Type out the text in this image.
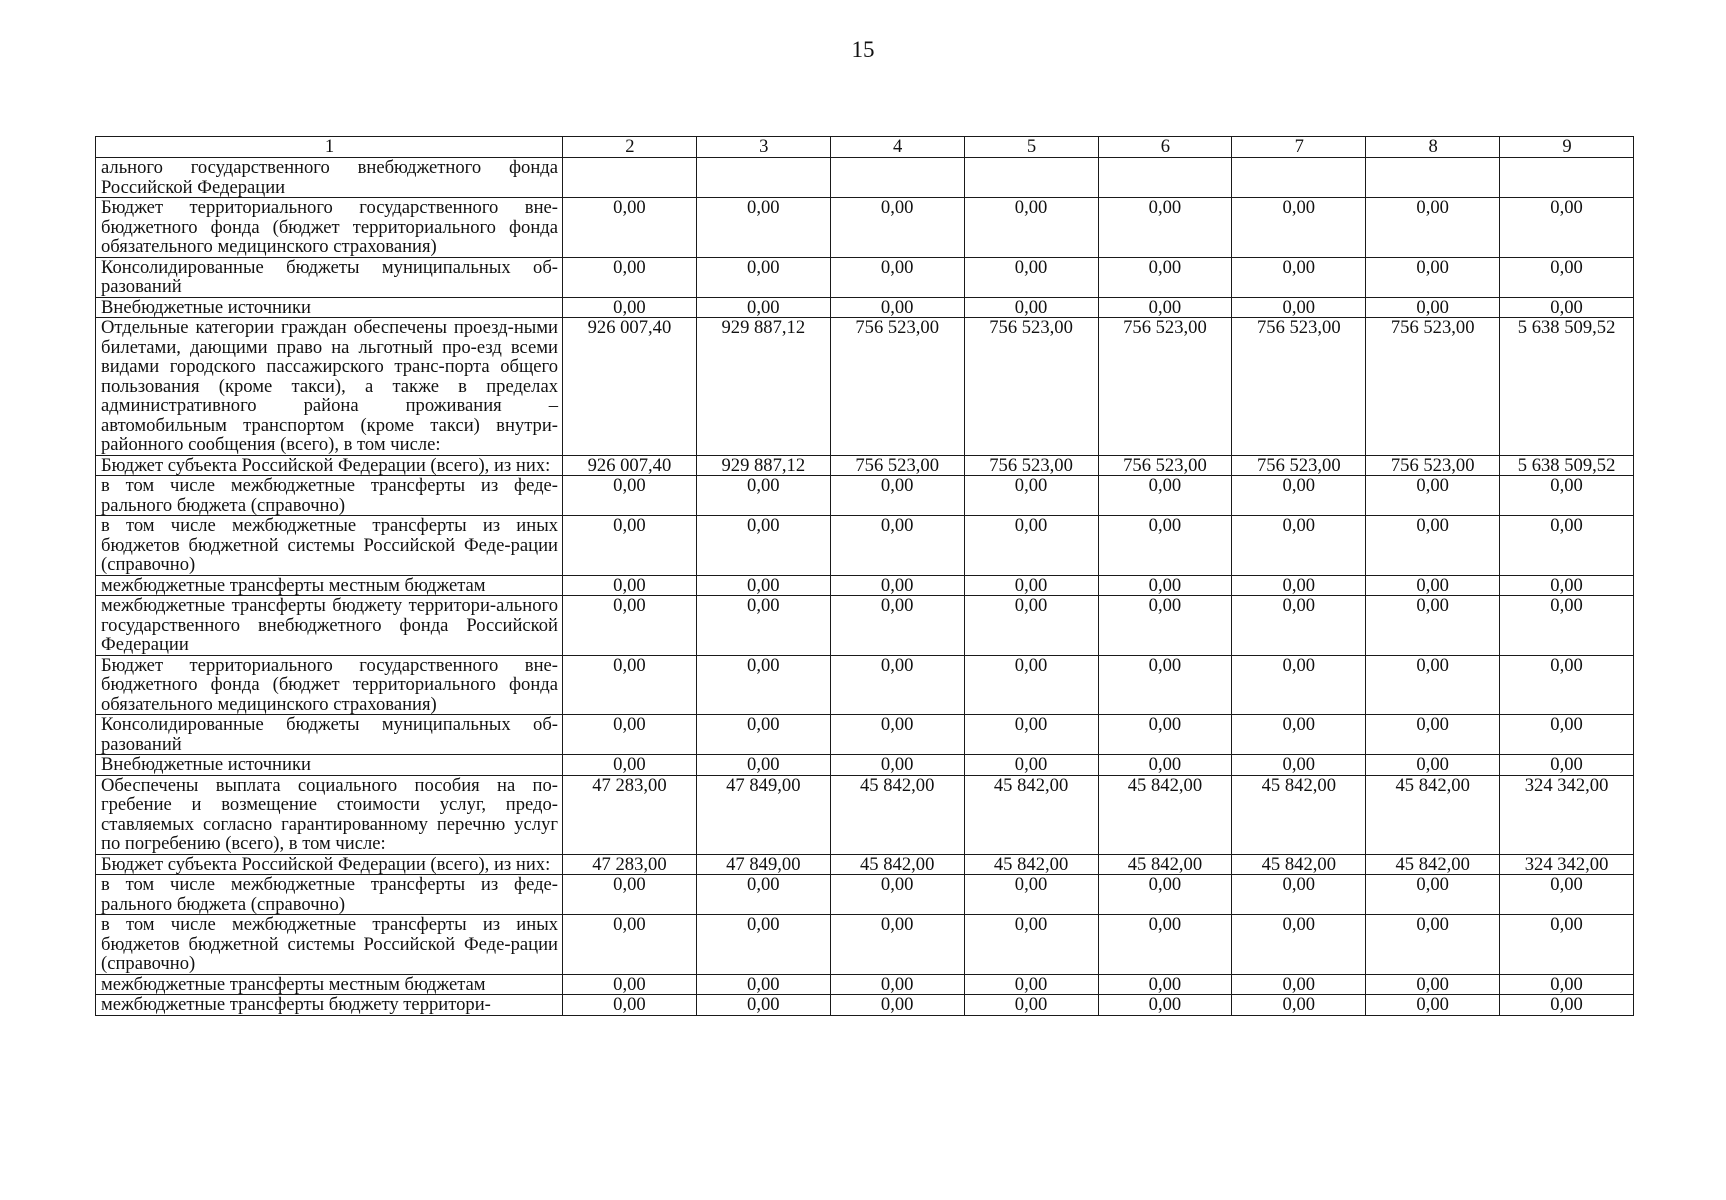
15
1	2	3	4	5	6	7	8	9
ального государственного внебюджетного фонда Российской Федерации								
Бюджет территориального государственного вне-бюджетного фонда (бюджет территориального фонда обязательного медицинского страхования)	0,00	0,00	0,00	0,00	0,00	0,00	0,00	0,00
Консолидированные бюджеты муниципальных об-разований	0,00	0,00	0,00	0,00	0,00	0,00	0,00	0,00
Внебюджетные источники	0,00	0,00	0,00	0,00	0,00	0,00	0,00	0,00
Отдельные категории граждан обеспечены проезд-ными билетами, дающими право на льготный про-езд всеми видами городского пассажирского транс-порта общего пользования (кроме такси), а также в пределах административного района проживания – автомобильным транспортом (кроме такси) внутри-районного сообщения (всего), в том числе:	926 007,40	929 887,12	756 523,00	756 523,00	756 523,00	756 523,00	756 523,00	5 638 509,52
Бюджет субъекта Российской Федерации (всего), из них:	926 007,40	929 887,12	756 523,00	756 523,00	756 523,00	756 523,00	756 523,00	5 638 509,52
в том числе межбюджетные трансферты из феде-рального бюджета (справочно)	0,00	0,00	0,00	0,00	0,00	0,00	0,00	0,00
в том числе межбюджетные трансферты из иных бюджетов бюджетной системы Российской Феде-рации (справочно)	0,00	0,00	0,00	0,00	0,00	0,00	0,00	0,00
межбюджетные трансферты местным бюджетам	0,00	0,00	0,00	0,00	0,00	0,00	0,00	0,00
межбюджетные трансферты бюджету территори-ального государственного внебюджетного фонда Российской Федерации	0,00	0,00	0,00	0,00	0,00	0,00	0,00	0,00
Бюджет территориального государственного вне-бюджетного фонда (бюджет территориального фонда обязательного медицинского страхования)	0,00	0,00	0,00	0,00	0,00	0,00	0,00	0,00
Консолидированные бюджеты муниципальных об-разований	0,00	0,00	0,00	0,00	0,00	0,00	0,00	0,00
Внебюджетные источники	0,00	0,00	0,00	0,00	0,00	0,00	0,00	0,00
Обеспечены выплата социального пособия на по-гребение и возмещение стоимости услуг, предо-ставляемых согласно гарантированному перечню услуг по погребению (всего), в том числе:	47 283,00	47 849,00	45 842,00	45 842,00	45 842,00	45 842,00	45 842,00	324 342,00
Бюджет субъекта Российской Федерации (всего), из них:	47 283,00	47 849,00	45 842,00	45 842,00	45 842,00	45 842,00	45 842,00	324 342,00
в том числе межбюджетные трансферты из феде-рального бюджета (справочно)	0,00	0,00	0,00	0,00	0,00	0,00	0,00	0,00
в том числе межбюджетные трансферты из иных бюджетов бюджетной системы Российской Феде-рации (справочно)	0,00	0,00	0,00	0,00	0,00	0,00	0,00	0,00
межбюджетные трансферты местным бюджетам	0,00	0,00	0,00	0,00	0,00	0,00	0,00	0,00
межбюджетные трансферты бюджету территори-	0,00	0,00	0,00	0,00	0,00	0,00	0,00	0,00
